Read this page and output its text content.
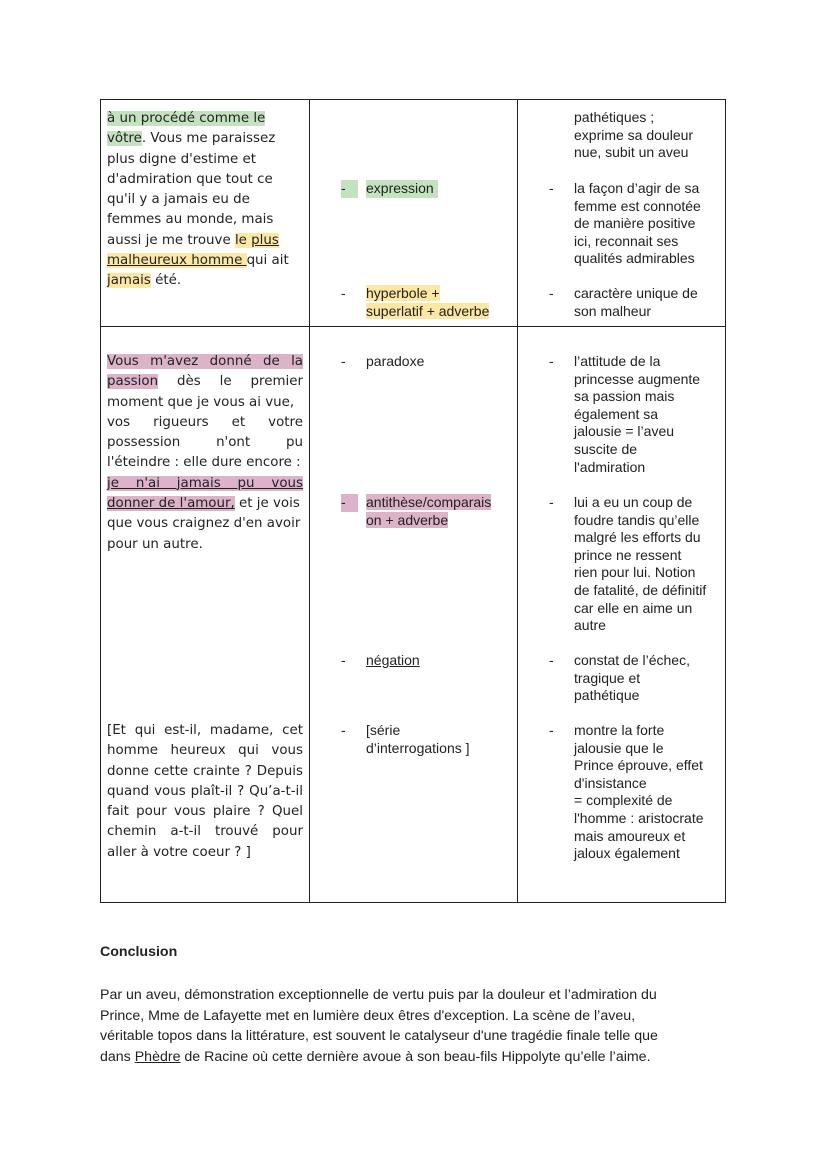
à un procédé comme le
vôtre. Vous me paraissez
plus digne d'estime et
d'admiration que tout ce
qu'il y a jamais eu de
femmes au monde, mais
aussi je me trouve le plus
malheureux homme qui ait
jamais été.
-	expression
- hyperbole +
superlatif + adverbe
pathétiques ;
exprime sa douleur
nue, subit un aveu
- la façon d’agir de sa
femme est connotée
de manière positive
ici, reconnait ses
qualités admirables
- caractère unique de
son malheur
Vous m'avez donné de la
passion dès le premier
moment que je vous ai vue,
vos rigueurs et votre
possession n'ont pu
l'éteindre : elle dure encore :
je n'ai jamais pu vous
donner de l'amour, et je vois
que vous craignez d'en avoir
pour un autre.
[Et qui est-il, madame, cet
homme heureux qui vous
donne cette crainte ? Depuis
quand vous plaît-il ? Qu’a-t-il
fait pour vous plaire ? Quel
chemin a-t-il trouvé pour
aller à votre coeur ? ]
- paradoxe
-	antithèse/comparais
on + adverbe
- négation
- [série
d’interrogations ]
- l’attitude de la
princesse augmente
sa passion mais
également sa
jalousie = l’aveu
suscite de
l'admiration
- lui a eu un coup de
foudre tandis qu’elle
malgré les efforts du
prince ne ressent
rien pour lui. Notion
de fatalité, de définitif
car elle en aime un
autre
- constat de l’échec,
tragique et
pathétique
- montre la forte
jalousie que le
Prince éprouve, effet
d'insistance
= complexité de
l'homme : aristocrate
mais amoureux et
jaloux également
Conclusion

Par un aveu, démonstration exceptionnelle de vertu puis par la douleur et l’admiration du
Prince, Mme de Lafayette met en lumière deux êtres d'exception. La scène de l’aveu,
véritable topos dans la littérature, est souvent le catalyseur d'une tragédie finale telle que
dans Phèdre de Racine où cette dernière avoue à son beau-fils Hippolyte qu’elle l’aime.
